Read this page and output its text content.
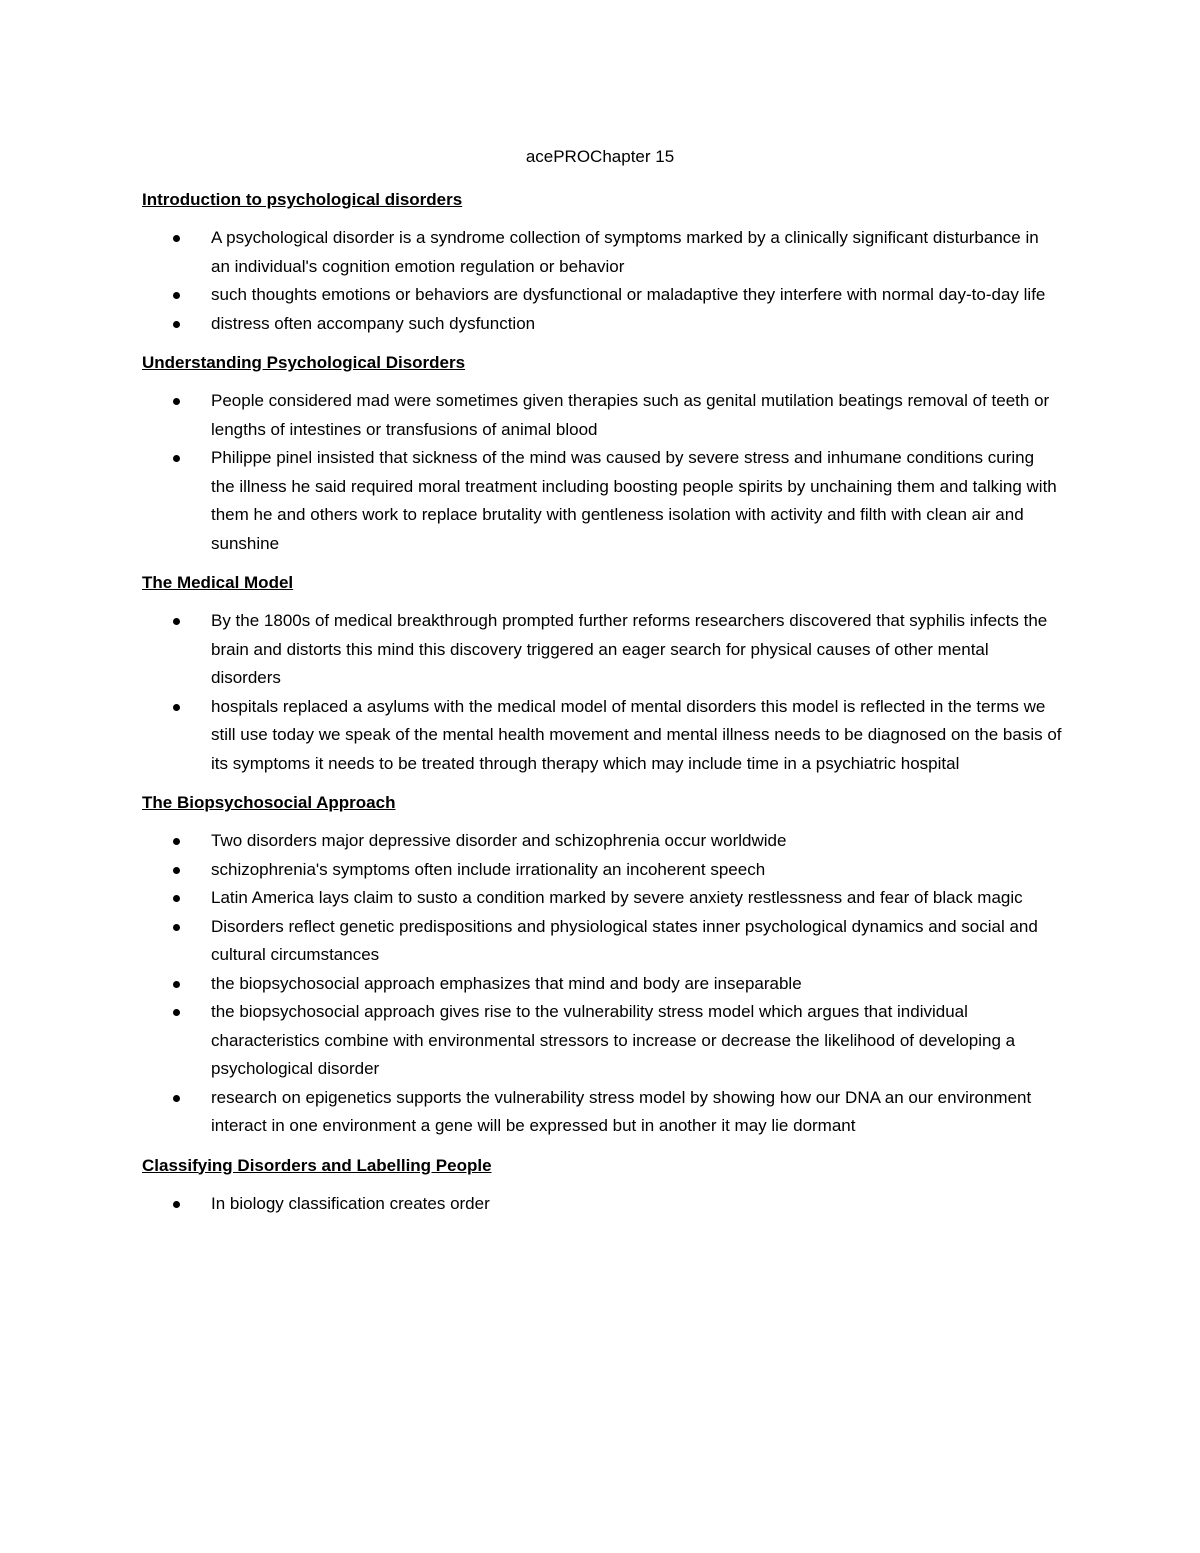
acePROChapter 15
Introduction to psychological disorders
A psychological disorder is a syndrome collection of symptoms marked by a clinically significant disturbance in an individual's cognition emotion regulation or behavior
such thoughts emotions or behaviors are dysfunctional or maladaptive they interfere with normal day-to-day life
distress often accompany such dysfunction
Understanding Psychological Disorders
People considered mad were sometimes given therapies such as genital mutilation beatings removal of teeth or lengths of intestines or transfusions of animal blood
Philippe pinel insisted that sickness of the mind was caused by severe stress and inhumane conditions curing the illness he said required moral treatment including boosting people spirits by unchaining them and talking with them he and others work to replace brutality with gentleness isolation with activity and filth with clean air and sunshine
The Medical Model
By the 1800s of medical breakthrough prompted further reforms researchers discovered that syphilis infects the brain and distorts this mind this discovery triggered an eager search for physical causes of other mental disorders
hospitals replaced a asylums with the medical model of mental disorders this model is reflected in the terms we still use today we speak of the mental health movement and mental illness needs to be diagnosed on the basis of its symptoms it needs to be treated through therapy which may include time in a psychiatric hospital
The Biopsychosocial Approach
Two disorders major depressive disorder and schizophrenia occur worldwide
schizophrenia's symptoms often include irrationality an incoherent speech
Latin America lays claim to susto a condition marked by severe anxiety restlessness and fear of black magic
Disorders reflect genetic predispositions and physiological states inner psychological dynamics and social and cultural circumstances
the biopsychosocial approach emphasizes that mind and body are inseparable
the biopsychosocial approach gives rise to the vulnerability stress model which argues that individual characteristics combine with environmental stressors to increase or decrease the likelihood of developing a psychological disorder
research on epigenetics supports the vulnerability stress model by showing how our DNA an our environment interact in one environment a gene will be expressed but in another it may lie dormant
Classifying Disorders and Labelling People
In biology classification creates order
